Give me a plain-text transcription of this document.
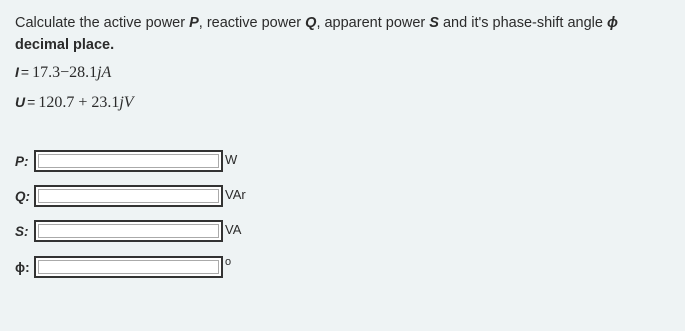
Calculate the active power P, reactive power Q, apparent power S and it's phase-shift angle ϕ
decimal place.
I = 17.3−28.1jA
U = 120.7 + 23.1jV
P:	W
Q:	VAr
S:	VA
ϕ:	o
